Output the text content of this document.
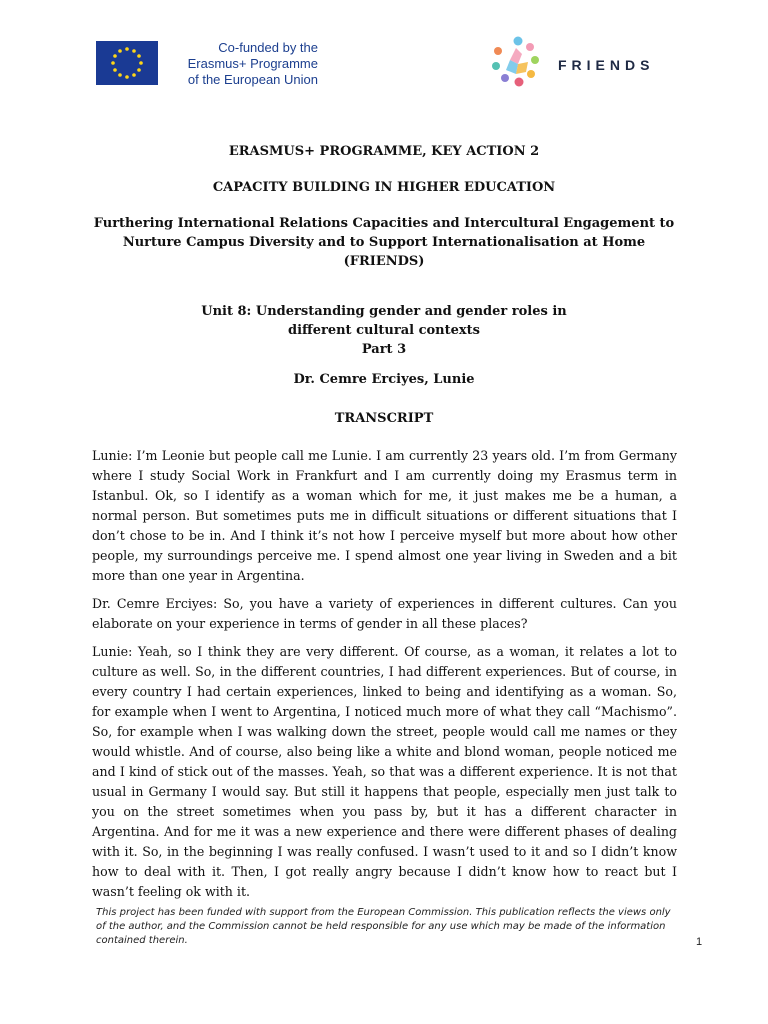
Co-funded by the
Erasmus+ Programme
of the European Union
FRIENDS
ERASMUS+ PROGRAMME, KEY ACTION 2
CAPACITY BUILDING IN HIGHER EDUCATION
Furthering International Relations Capacities and Intercultural Engagement to
Nurture Campus Diversity and to Support Internationalisation at Home
(FRIENDS)
Unit 8: Understanding gender and gender roles in
different cultural contexts
Part 3
Dr. Cemre Erciyes, Lunie
TRANSCRIPT

Lunie: I’m Leonie but people call me Lunie. I am currently 23 years old. I’m from Germany where I study Social Work in Frankfurt and I am currently doing my Erasmus term in Istanbul. Ok, so I identify as a woman which for me, it just makes me be a human, a normal person. But sometimes puts me in difficult situations or different situations that I don’t chose to be in. And I think it’s not how I perceive myself but more about how other people, my surroundings perceive me. I spend almost one year living in Sweden and a bit more than one year in Argentina.

Dr. Cemre Erciyes: So, you have a variety of experiences in different cultures. Can you elaborate on your experience in terms of gender in all these places?

Lunie: Yeah, so I think they are very different. Of course, as a woman, it relates a lot to culture as well. So, in the different countries, I had different experiences. But of course, in every country I had certain experiences, linked to being and identifying as a woman. So, for example when I went to Argentina, I noticed much more of what they call “Machismo”. So, for example when I was walking down the street, people would call me names or they would whistle. And of course, also being like a white and blond woman, people noticed me and I kind of stick out of the masses. Yeah, so that was a different experience. It is not that usual in Germany I would say. But still it happens that people, especially men just talk to you on the street sometimes when you pass by, but it has a different character in Argentina. And for me it was a new experience and there were different phases of dealing with it. So, in the beginning I was really confused. I wasn’t used to it and so I didn’t know how to deal with it. Then, I got really angry because I didn’t know how to react but I wasn’t feeling ok with it.

This project has been funded with support from the European Commission. This publication reflects the views only of the author, and the Commission cannot be held responsible for any use which may be made of the information contained therein.	1
